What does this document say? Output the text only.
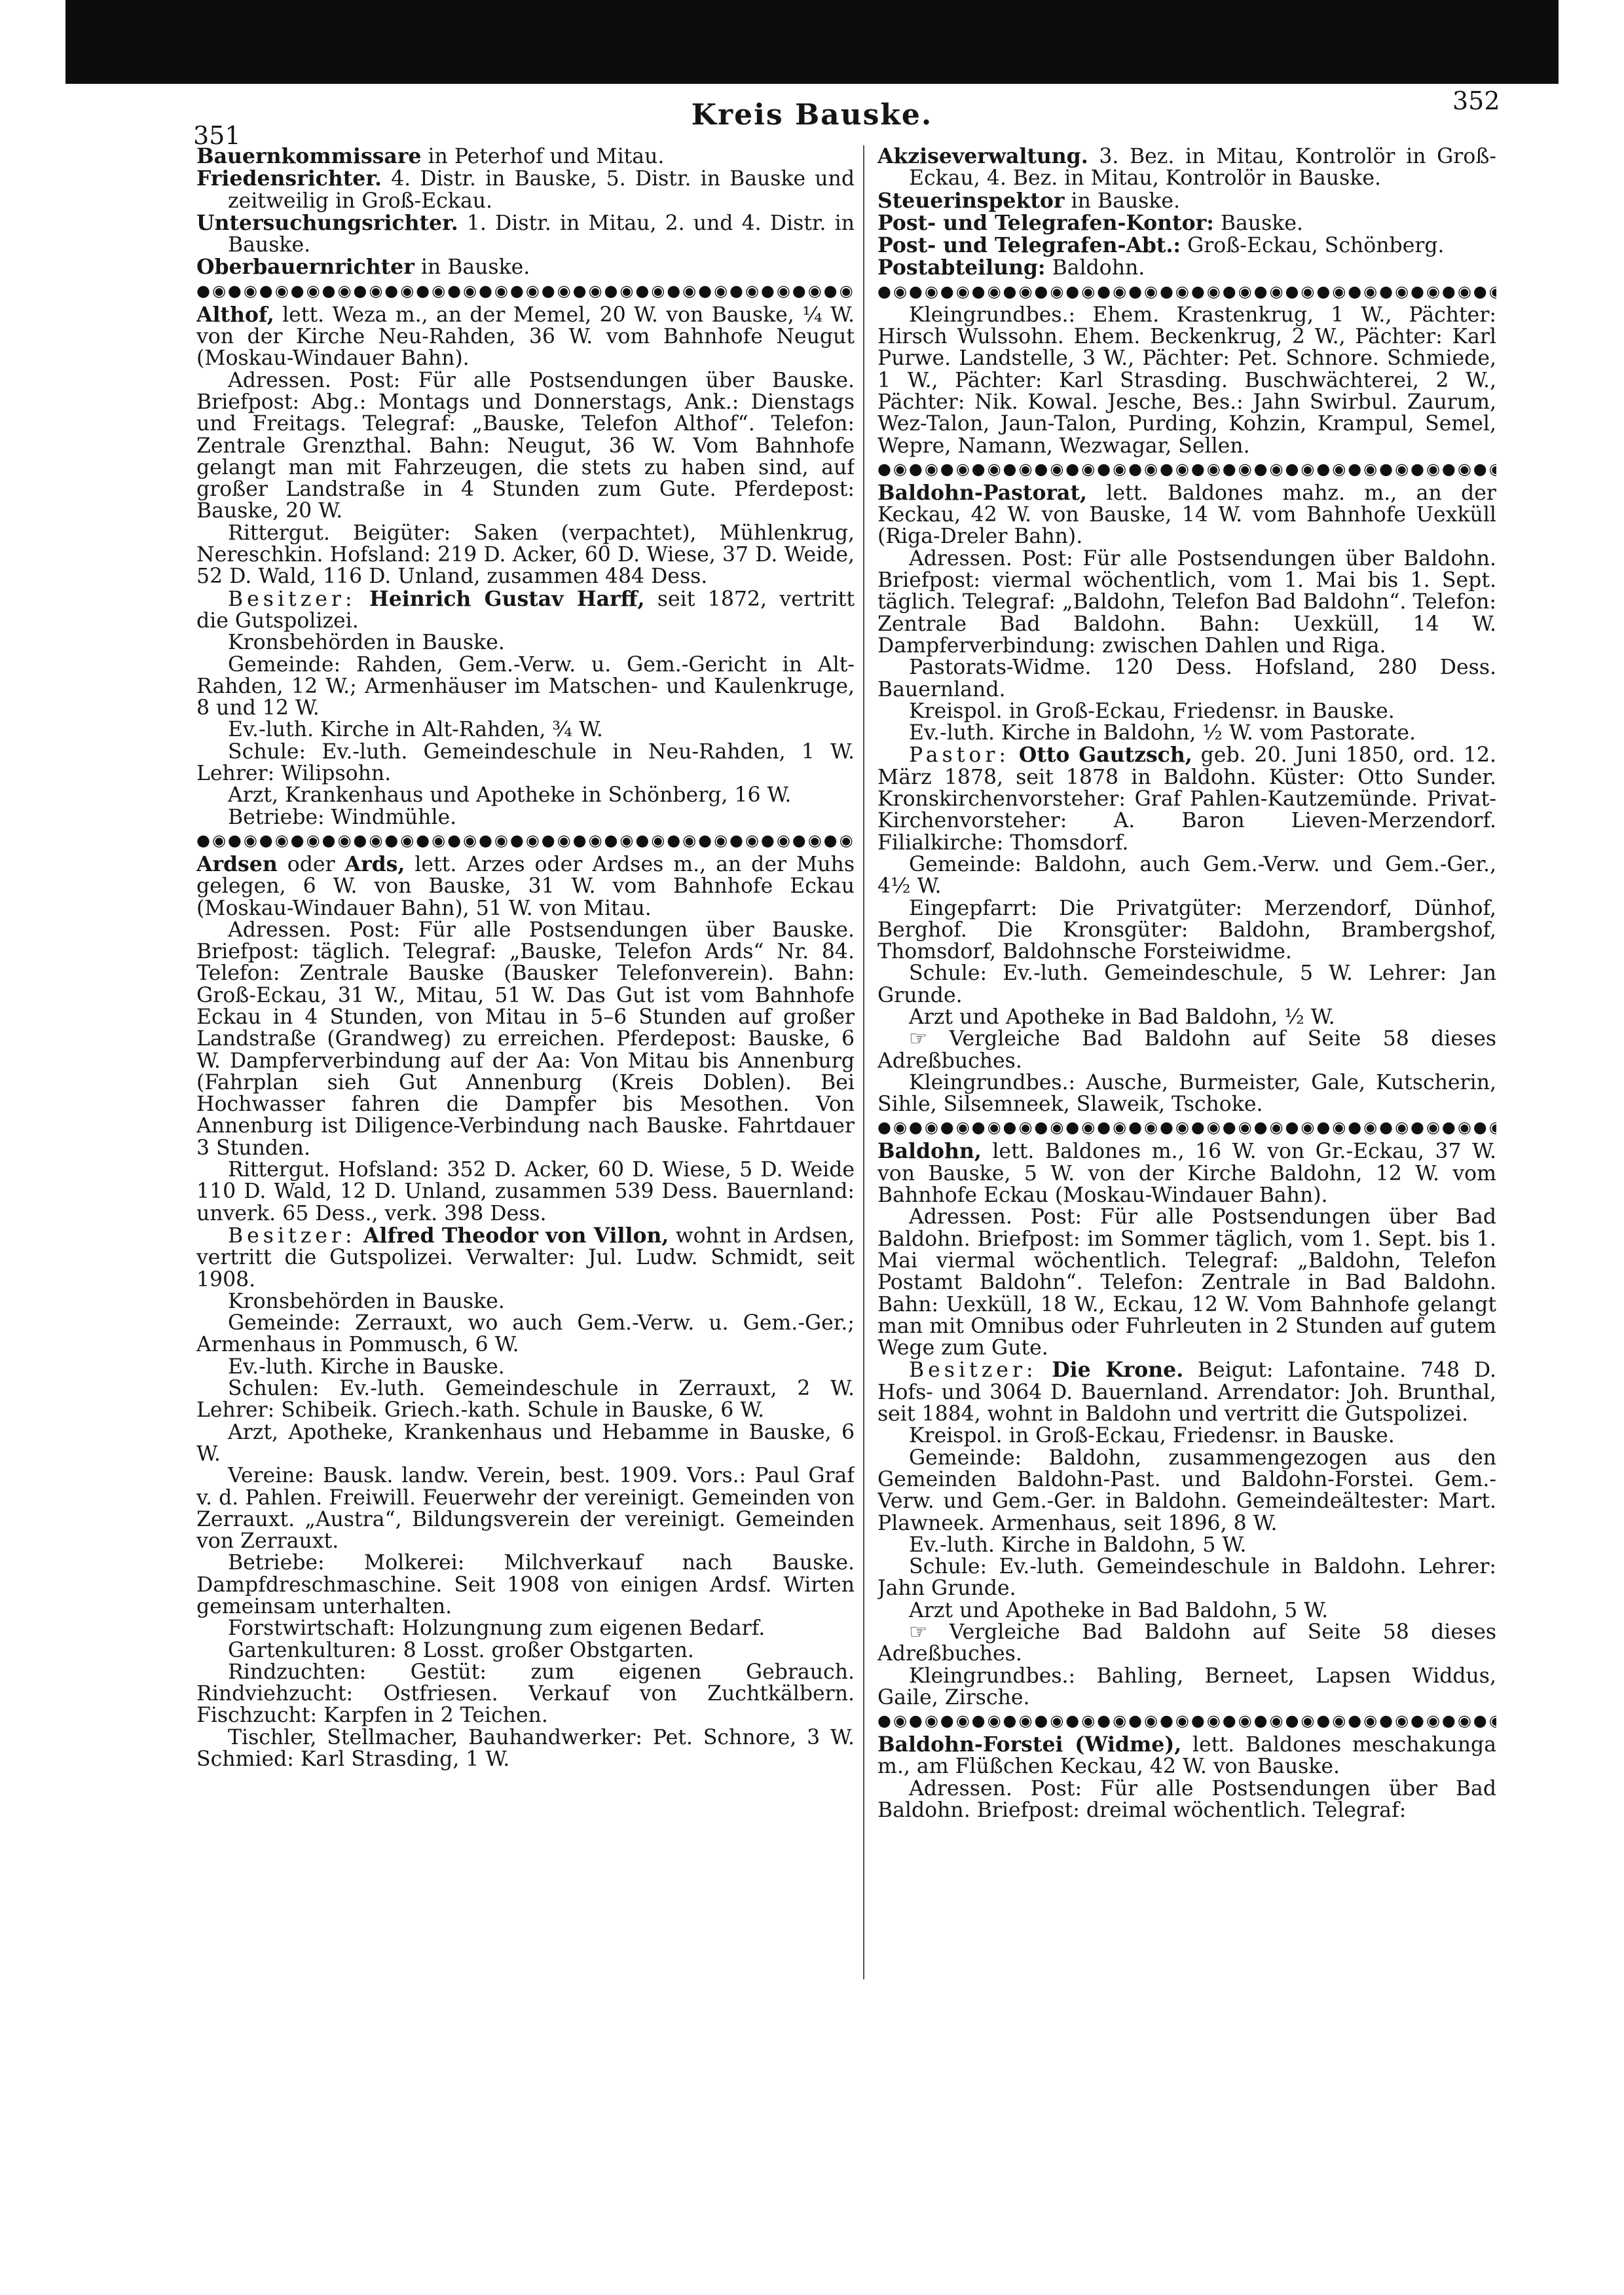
351
Kreis Bauske.	352

Bauernkommissare in Peterhof und Mitau.

Friedensrichter. 4. Distr. in Bauske, 5. Distr. in Bauske und zeitweilig in Groß-Eckau.

Untersuchungsrichter. 1. Distr. in Mitau, 2. und 4. Distr. in Bauske.

Oberbauernrichter in Bauske.

●◉●◉●◉●◉●◉●◉●◉●◉●◉●◉●◉●◉●◉●◉●◉●◉●◉●◉●◉●◉●◉●◉●◉●◉●◉●◉

Althof, lett. Weza m., an der Memel, 20 W. von Bauske, ¼ W. von der Kirche Neu-Rahden, 36 W. vom Bahnhofe Neugut (Moskau-Windauer Bahn).

Adressen. Post: Für alle Postsendungen über Bauske. Briefpost: Abg.: Montags und Donnerstags, Ank.: Dienstags und Freitags. Telegraf: „Bauske, Telefon Althof“. Telefon: Zentrale Grenzthal. Bahn: Neugut, 36 W. Vom Bahnhofe gelangt man mit Fahrzeugen, die stets zu haben sind, auf großer Landstraße in 4 Stunden zum Gute. Pferdepost: Bauske, 20 W.

Rittergut. Beigüter: Saken (verpachtet), Mühlenkrug, Nereschkin. Hofsland: 219 D. Acker, 60 D. Wiese, 37 D. Weide, 52 D. Wald, 116 D. Unland, zusammen 484 Dess.

Besitzer: Heinrich Gustav Harff, seit 1872, vertritt die Gutspolizei.

Kronsbehörden in Bauske.

Gemeinde: Rahden, Gem.-Verw. u. Gem.-Gericht in Alt-Rahden, 12 W.; Armenhäuser im Matschen- und Kaulenkruge, 8 und 12 W.

Ev.-luth. Kirche in Alt-Rahden, ¾ W.

Schule: Ev.-luth. Gemeindeschule in Neu-Rahden, 1 W. Lehrer: Wilipsohn.

Arzt, Krankenhaus und Apotheke in Schönberg, 16 W.

Betriebe: Windmühle.

●◉●◉●◉●◉●◉●◉●◉●◉●◉●◉●◉●◉●◉●◉●◉●◉●◉●◉●◉●◉●◉●◉●◉●◉●◉●◉

Ardsen oder Ards, lett. Arzes oder Ardses m., an der Muhs gelegen, 6 W. von Bauske, 31 W. vom Bahnhofe Eckau (Moskau-Windauer Bahn), 51 W. von Mitau.

Adressen. Post: Für alle Postsendungen über Bauske. Briefpost: täglich. Telegraf: „Bauske, Telefon Ards“ Nr. 84. Telefon: Zentrale Bauske (Bausker Telefonverein). Bahn: Groß-Eckau, 31 W., Mitau, 51 W. Das Gut ist vom Bahnhofe Eckau in 4 Stunden, von Mitau in 5–6 Stunden auf großer Landstraße (Grandweg) zu erreichen. Pferdepost: Bauske, 6 W. Dampferverbindung auf der Aa: Von Mitau bis Annenburg (Fahrplan sieh Gut Annenburg (Kreis Doblen). Bei Hochwasser fahren die Dampfer bis Mesothen. Von Annenburg ist Diligence-Verbindung nach Bauske. Fahrtdauer 3 Stunden.

Rittergut. Hofsland: 352 D. Acker, 60 D. Wiese, 5 D. Weide 110 D. Wald, 12 D. Unland, zusammen 539 Dess. Bauernland: unverk. 65 Dess., verk. 398 Dess.

Besitzer: Alfred Theodor von Villon, wohnt in Ardsen, vertritt die Gutspolizei. Verwalter: Jul. Ludw. Schmidt, seit 1908.

Kronsbehörden in Bauske.

Gemeinde: Zerrauxt, wo auch Gem.-Verw. u. Gem.-Ger.; Armenhaus in Pommusch, 6 W.

Ev.-luth. Kirche in Bauske.

Schulen: Ev.-luth. Gemeindeschule in Zerrauxt, 2 W. Lehrer: Schibeik. Griech.-kath. Schule in Bauske, 6 W.

Arzt, Apotheke, Krankenhaus und Hebamme in Bauske, 6 W.

Vereine: Bausk. landw. Verein, best. 1909. Vors.: Paul Graf v. d. Pahlen. Freiwill. Feuerwehr der vereinigt. Gemeinden von Zerrauxt. „Austra“, Bildungsverein der vereinigt. Gemeinden von Zerrauxt.

Betriebe: Molkerei: Milchverkauf nach Bauske. Dampfdreschmaschine. Seit 1908 von einigen Ardsf. Wirten gemeinsam unterhalten.

Forstwirtschaft: Holzungnung zum eigenen Bedarf.

Gartenkulturen: 8 Losst. großer Obstgarten.

Rindzuchten: Gestüt: zum eigenen Gebrauch. Rindviehzucht: Ostfriesen. Verkauf von Zuchtkälbern. Fischzucht: Karpfen in 2 Teichen.

Tischler, Stellmacher, Bauhandwerker: Pet. Schnore, 3 W. Schmied: Karl Strasding, 1 W.

Akziseverwaltung. 3. Bez. in Mitau, Kontrolör in Groß-Eckau, 4. Bez. in Mitau, Kontrolör in Bauske.

Steuerinspektor in Bauske.

Post- und Telegrafen-Kontor: Bauske.

Post- und Telegrafen-Abt.: Groß-Eckau, Schönberg.

Postabteilung: Baldohn.

●◉●◉●◉●◉●◉●◉●◉●◉●◉●◉●◉●◉●◉●◉●◉●◉●◉●◉●◉●◉●◉●◉●◉●◉●◉●◉

Kleingrundbes.: Ehem. Krastenkrug, 1 W., Pächter: Hirsch Wulssohn. Ehem. Beckenkrug, 2 W., Pächter: Karl Purwe. Landstelle, 3 W., Pächter: Pet. Schnore. Schmiede, 1 W., Pächter: Karl Strasding. Buschwächterei, 2 W., Pächter: Nik. Kowal. Jesche, Bes.: Jahn Swirbul. Zaurum, Wez-Talon, Jaun-Talon, Purding, Kohzin, Krampul, Semel, Wepre, Namann, Wezwagar, Sellen.

●◉●◉●◉●◉●◉●◉●◉●◉●◉●◉●◉●◉●◉●◉●◉●◉●◉●◉●◉●◉●◉●◉●◉●◉●◉●◉

Baldohn-Pastorat, lett. Baldones mahz. m., an der Keckau, 42 W. von Bauske, 14 W. vom Bahnhofe Uexküll (Riga-Dreler Bahn).

Adressen. Post: Für alle Postsendungen über Baldohn. Briefpost: viermal wöchentlich, vom 1. Mai bis 1. Sept. täglich. Telegraf: „Baldohn, Telefon Bad Baldohn“. Telefon: Zentrale Bad Baldohn. Bahn: Uexküll, 14 W. Dampferverbindung: zwischen Dahlen und Riga.

Pastorats-Widme. 120 Dess. Hofsland, 280 Dess. Bauernland.

Kreispol. in Groß-Eckau, Friedensr. in Bauske.

Ev.-luth. Kirche in Baldohn, ½ W. vom Pastorate.

Pastor: Otto Gautzsch, geb. 20. Juni 1850, ord. 12. März 1878, seit 1878 in Baldohn. Küster: Otto Sunder. Kronskirchenvorsteher: Graf Pahlen-Kautzemünde. Privat-Kirchenvorsteher: A. Baron Lieven-Merzendorf. Filialkirche: Thomsdorf.

Gemeinde: Baldohn, auch Gem.-Verw. und Gem.-Ger., 4½ W.

Eingepfarrt: Die Privatgüter: Merzendorf, Dünhof, Berghof. Die Kronsgüter: Baldohn, Brambergshof, Thomsdorf, Baldohnsche Forsteiwidme.

Schule: Ev.-luth. Gemeindeschule, 5 W. Lehrer: Jan Grunde.

Arzt und Apotheke in Bad Baldohn, ½ W.

☞ Vergleiche Bad Baldohn auf Seite 58 dieses Adreßbuches.

Kleingrundbes.: Ausche, Burmeister, Gale, Kutscherin, Sihle, Silsemneek, Slaweik, Tschoke.

●◉●◉●◉●◉●◉●◉●◉●◉●◉●◉●◉●◉●◉●◉●◉●◉●◉●◉●◉●◉●◉●◉●◉●◉●◉●◉

Baldohn, lett. Baldones m., 16 W. von Gr.-Eckau, 37 W. von Bauske, 5 W. von der Kirche Baldohn, 12 W. vom Bahnhofe Eckau (Moskau-Windauer Bahn).

Adressen. Post: Für alle Postsendungen über Bad Baldohn. Briefpost: im Sommer täglich, vom 1. Sept. bis 1. Mai viermal wöchentlich. Telegraf: „Baldohn, Telefon Postamt Baldohn“. Telefon: Zentrale in Bad Baldohn. Bahn: Uexküll, 18 W., Eckau, 12 W. Vom Bahnhofe gelangt man mit Omnibus oder Fuhrleuten in 2 Stunden auf gutem Wege zum Gute.

Besitzer: Die Krone. Beigut: Lafontaine. 748 D. Hofs- und 3064 D. Bauernland. Arrendator: Joh. Brunthal, seit 1884, wohnt in Baldohn und vertritt die Gutspolizei.

Kreispol. in Groß-Eckau, Friedensr. in Bauske.

Gemeinde: Baldohn, zusammengezogen aus den Gemeinden Baldohn-Past. und Baldohn-Forstei. Gem.-Verw. und Gem.-Ger. in Baldohn. Gemeindeältester: Mart. Plawneek. Armenhaus, seit 1896, 8 W.

Ev.-luth. Kirche in Baldohn, 5 W.

Schule: Ev.-luth. Gemeindeschule in Baldohn. Lehrer: Jahn Grunde.

Arzt und Apotheke in Bad Baldohn, 5 W.

☞ Vergleiche Bad Baldohn auf Seite 58 dieses Adreßbuches.

Kleingrundbes.: Bahling, Berneet, Lapsen Widdus, Gaile, Zirsche.

●◉●◉●◉●◉●◉●◉●◉●◉●◉●◉●◉●◉●◉●◉●◉●◉●◉●◉●◉●◉●◉●◉●◉●◉●◉●◉

Baldohn-Forstei (Widme), lett. Baldones meschakunga m., am Flüßchen Keckau, 42 W. von Bauske.

Adressen. Post: Für alle Postsendungen über Bad Baldohn. Briefpost: dreimal wöchentlich. Telegraf:
